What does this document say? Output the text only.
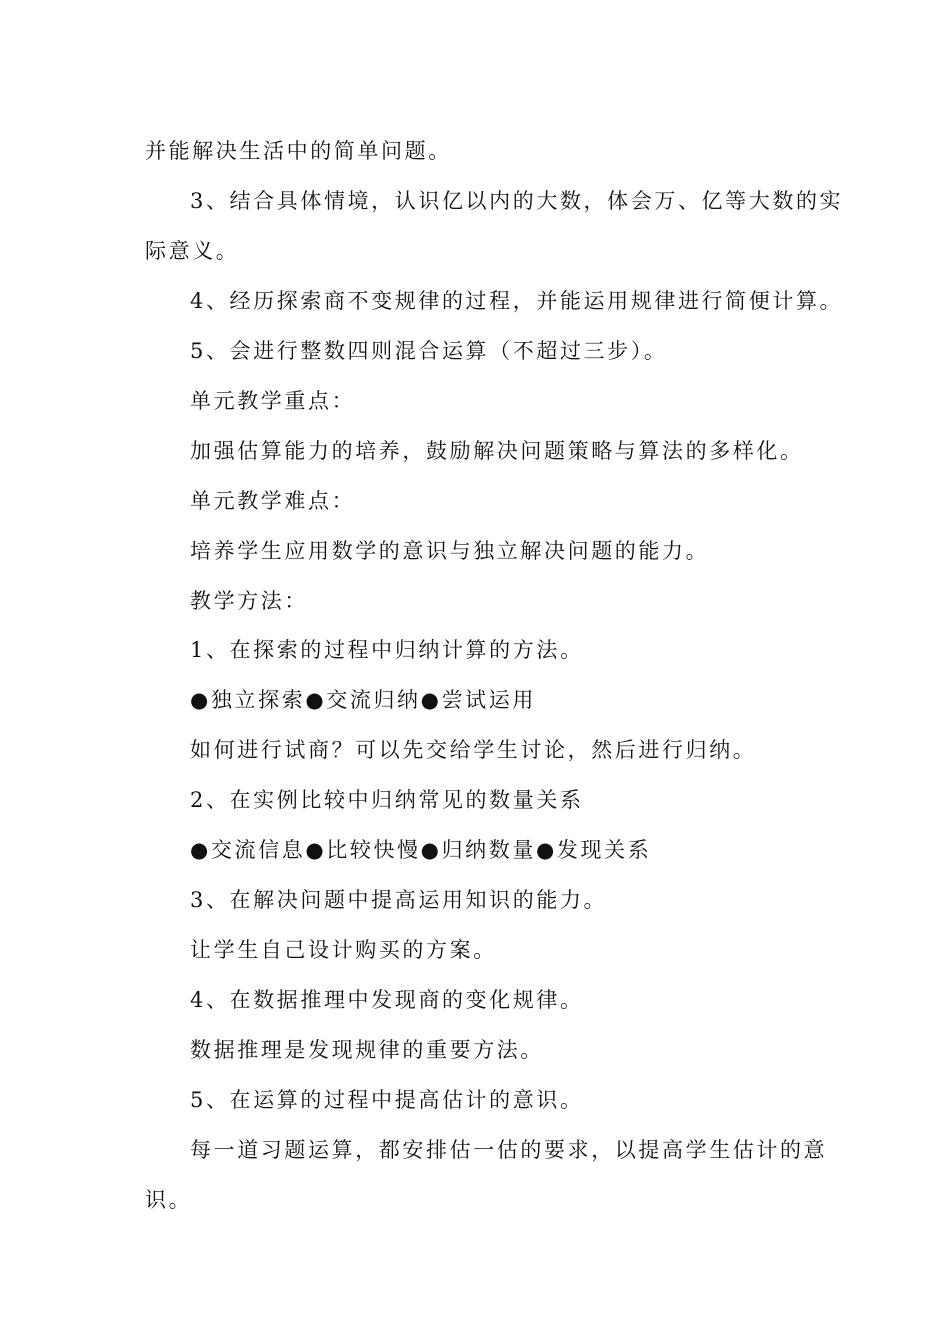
并能解决生活中的简单问题。
3、结合具体情境，认识亿以内的大数，体会万、亿等大数的实
际意义。
4、经历探索商不变规律的过程，并能运用规律进行简便计算。
5、会进行整数四则混合运算（不超过三步）。
单元教学重点：
加强估算能力的培养，鼓励解决问题策略与算法的多样化。
单元教学难点：
培养学生应用数学的意识与独立解决问题的能力。
教学方法：
1、在探索的过程中归纳计算的方法。
●独立探索●交流归纳●尝试运用
如何进行试商？可以先交给学生讨论，然后进行归纳。
2、在实例比较中归纳常见的数量关系
●交流信息●比较快慢●归纳数量●发现关系
3、在解决问题中提高运用知识的能力。
让学生自己设计购买的方案。
4、在数据推理中发现商的变化规律。
数据推理是发现规律的重要方法。
5、在运算的过程中提高估计的意识。
每一道习题运算，都安排估一估的要求，以提高学生估计的意
识。
